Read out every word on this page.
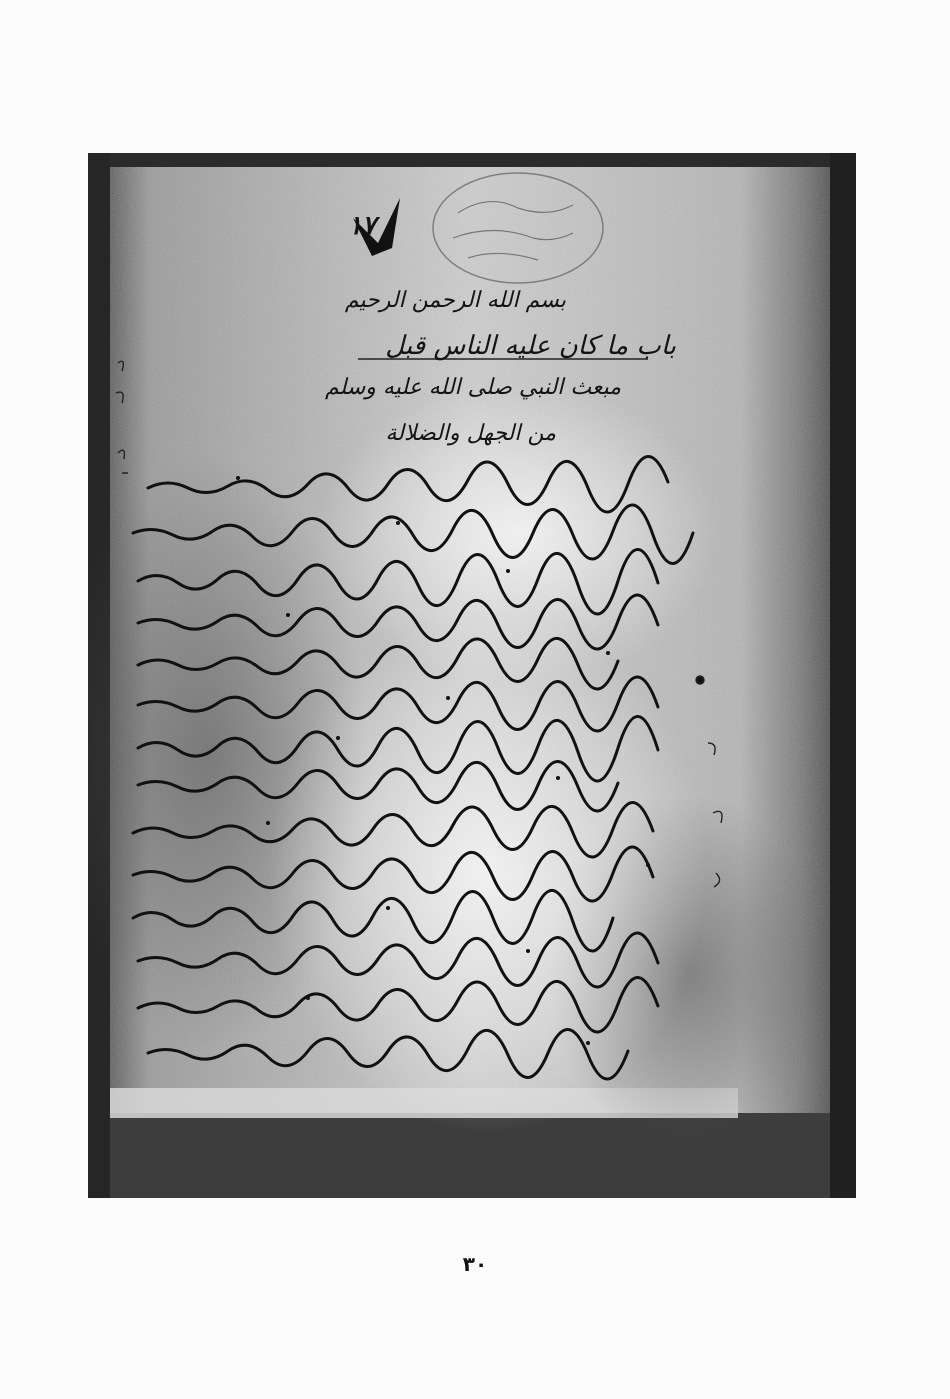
بسم الله الرحمن الرحيم
١٧
باب ما كان عليه الناس قبل
مبعث النبي صلى الله عليه وسلم
من الجهل والضلالة
٣٠
